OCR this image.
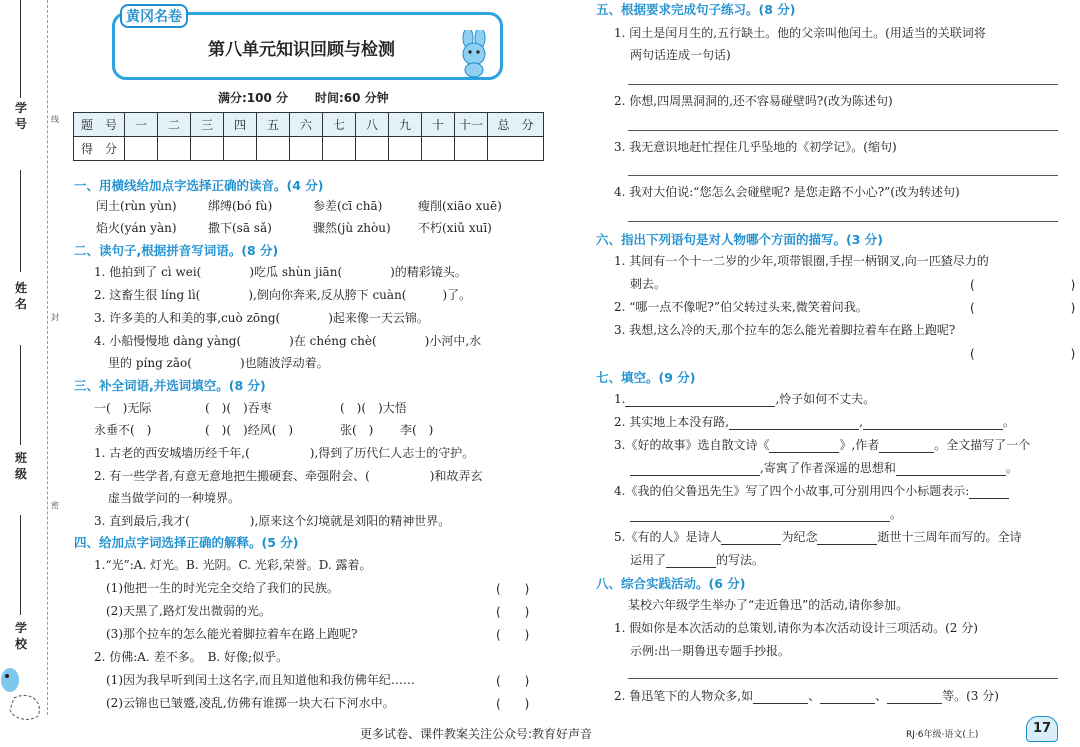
学号
姓名
班级
学校
线
封
密
黄冈名卷
第八单元知识回顾与检测
满分:100 分 时间:60 分钟
题　号	一	二	三	四	五	六	七	八	九	十	十一	总　分
得　分												
一、用横线给加点字选择正确的读音。(4 分)
闰土(rùn yùn)	绑缚(bó fù)	参差(cī chā)	瘦削(xiāo xuē)
焰火(yán yàn)	撒下(sā sǎ)	骤然(jù zhòu) 不朽(xiǔ xuī)
二、读句子,根据拼音写词语。(8 分)
1. 他拍到了 cì wei(　　　　)吃瓜 shùn jiān(　　　　)的精彩镜头。
2. 这畜生很 líng lì(　　　　),倒向你奔来,反从胯下 cuàn(　　　)了。
3. 许多美的人和美的事,cuò zōng(　　　　)起来像一天云锦。
4. 小船慢慢地 dàng yàng(　　　　)在 chéng chè(　　　　)小河中,水
里的 píng zǎo(　　　　)也随波浮动着。
三、补全词语,并选词填空。(8 分)
一(　)无际	(　)(　)吞枣	(　)(　)大悟
永垂不(　)	(　)(　)经风(　)	张(　) 李(　)
1. 古老的西安城墙历经千年,(　　　　　),得到了历代仁人志士的守护。
2. 有一些学者,有意无意地把生搬硬套、牵强附会、(　　　　　)和故弄玄
虚当做学问的一种境界。
3. 直到最后,我才(　　　　　),原来这个幻境就是刘阳的精神世界。
四、给加点字词选择正确的解释。(5 分)
1.“光”:A. 灯光。B. 光阴。C. 光彩,荣誉。D. 露着。
(1)他把一生的时光完全交给了我们的民族。	(　　)
(2)天黑了,路灯发出微弱的光。	(　　)
(3)那个拉车的怎么能光着脚拉着车在路上跑呢?	(　　)
2. 仿佛:A. 差不多。　B. 好像;似乎。
(1)因为我早听到闰土这名字,而且知道他和我仿佛年纪……	(　　)
(2)云锦也已皱蹙,凌乱,仿佛有谁掷一块大石下河水中。	(　　)
五、根据要求完成句子练习。(8 分)
1. 闰土是闰月生的,五行缺土。他的父亲叫他闰土。(用适当的关联词将
两句话连成一句话)
2. 你想,四周黑洞洞的,还不容易碰壁吗?(改为陈述句)
3. 我无意识地赶忙捏住几乎坠地的《初学记》。(缩句)
4. 我对大伯说:“您怎么会碰壁呢? 是您走路不小心?”(改为转述句)
六、指出下列语句是对人物哪个方面的描写。(3 分)
1. 其间有一个十一二岁的少年,项带银圈,手捏一柄钢叉,向一匹猹尽力的
刺去。	(　　　　　　　　)
2. “哪一点不像呢?”伯父转过头来,微笑着问我。	(　　　　　　　　)
3. 我想,这么冷的天,那个拉车的怎么能光着脚拉着车在路上跑呢?
(　　　　　　　　)
七、填空。(9 分)
1.	,怜子如何不丈夫。
2. 其实地上本没有路,	,	。
3.《好的故事》选自散文诗《	》,作者	。全文描写了一个
,寄寓了作者深遥的思想和	。
4.《我的伯父鲁迅先生》写了四个小故事,可分别用四个小标题表示:
。
5.《有的人》是诗人	为纪念	逝世十三周年而写的。全诗
运用了	的写法。
八、综合实践活动。(6 分)
某校六年级学生举办了“走近鲁迅”的活动,请你参加。
1. 假如你是本次活动的总策划,请你为本次活动设计三项活动。(2 分)
示例:出一期鲁迅专题手抄报。
2. 鲁迅笔下的人物众多,如	、	、	等。(3 分)
更多试卷、课件教案关注公众号:教育好声音	RJ·6年级·语文(上)	17
